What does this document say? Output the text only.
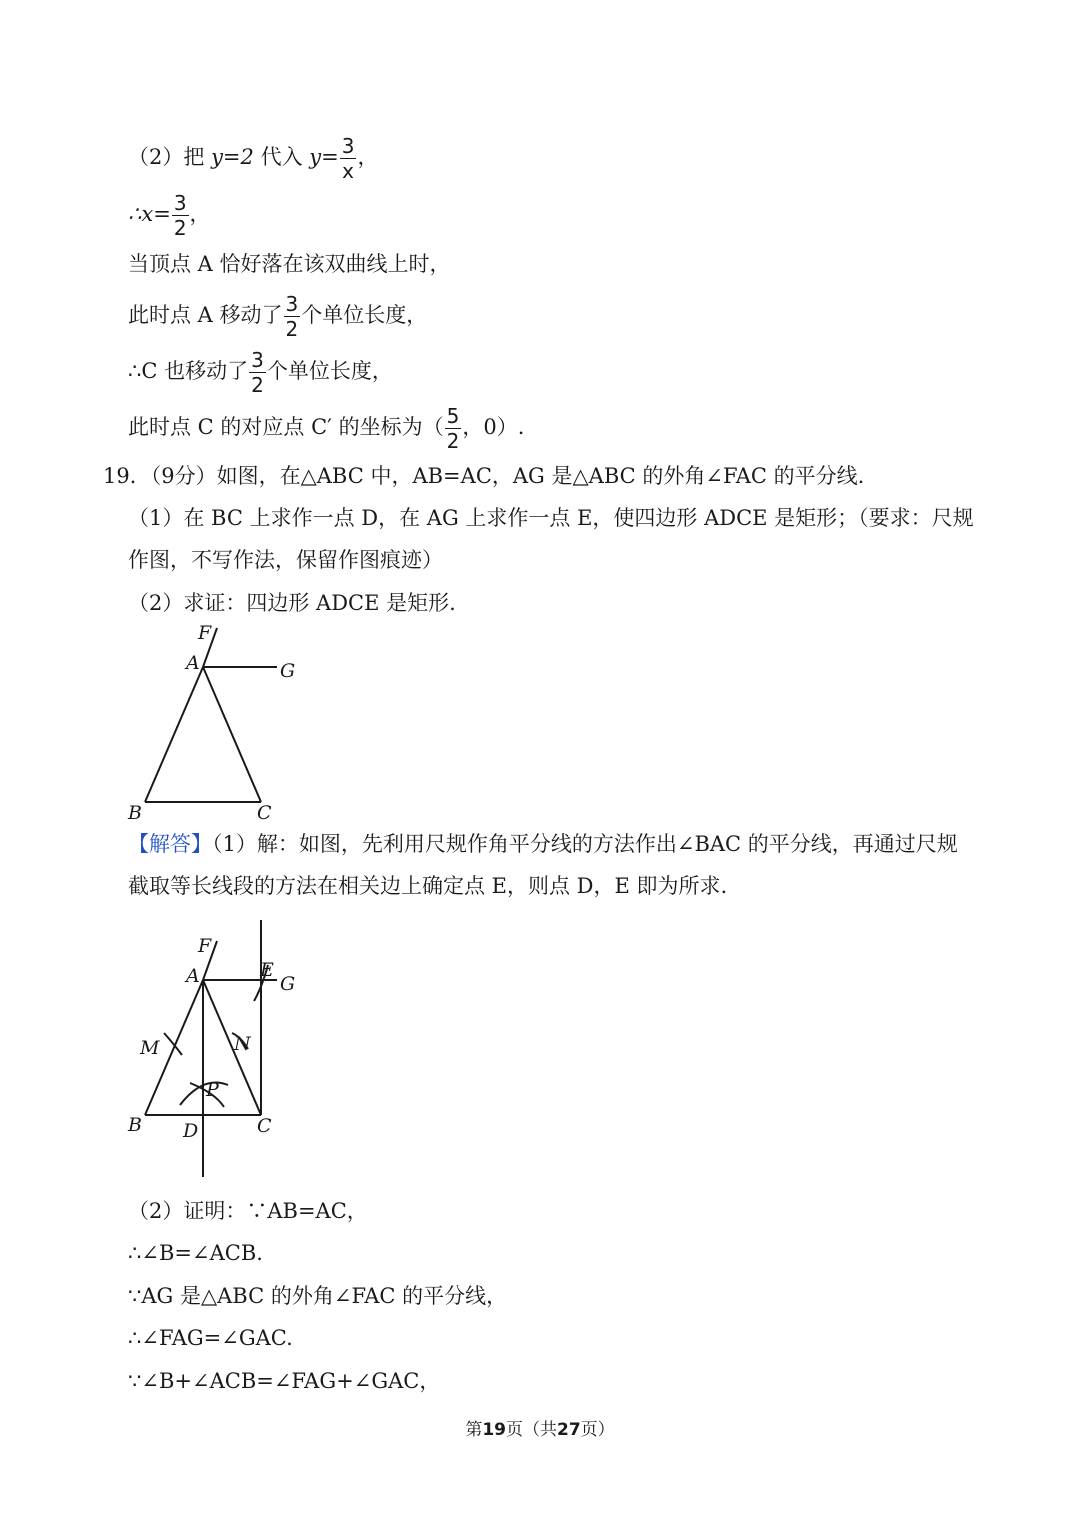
（2）把 y=2 代入 $y= \frac{3}{x}$ ，
∴x= $\frac{3}{2}$ ，
当顶点 A 恰好落在该双曲线上时，
此时点 A 移动了 $\frac{3}{2}$ 个单位长度，
∴C 也移动了 $\frac{3}{2}$ 个单位长度，
此时点 C 的对应点 C′ 的坐标为（ $\frac{5}{2}$ ，0）.
19．（9分）如图，在△ABC 中，AB=AC，AG 是△ABC 的外角∠FAC 的平分线.
（1）在 BC 上求作一点 D，在 AG 上求作一点 E，使四边形 ADCE 是矩形；（要求：尺规
作图，不写作法，保留作图痕迹）
（2）求证：四边形 ADCE 是矩形.
F
A	G
B	C
【解答】（1）解：如图，先利用尺规作角平分线的方法作出∠BAC 的平分线，再通过尺规
截取等长线段的方法在相关边上确定点 E，则点 D，E 即为所求.
F
A	E
G
M	N
P
B D	C
（2）证明：∵AB=AC，
∴∠B=∠ACB.
∵AG 是△ABC 的外角∠FAC 的平分线，
∴∠FAG=∠GAC.
∵∠B+∠ACB=∠FAG+∠GAC，
第19页（共27页）
